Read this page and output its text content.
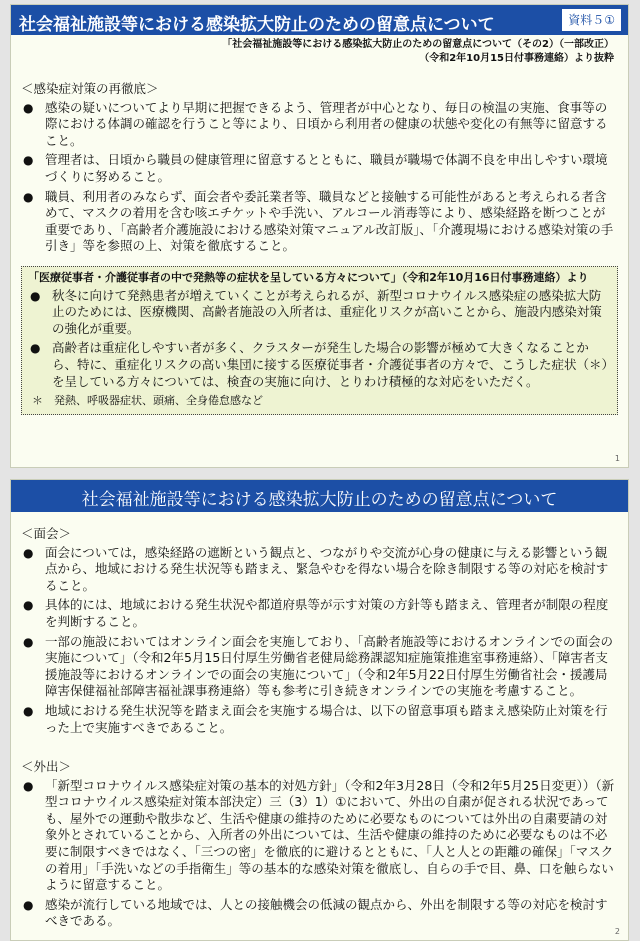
社会福祉施設等における感染拡大防止のための留意点について	資料５①
「社会福祉施設等における感染拡大防止のための留意点について（その2）（一部改正）
（令和2年10月15日付事務連絡）より抜粋
＜感染症対策の再徹底＞
● 感染の疑いについてより早期に把握できるよう、管理者が中心となり、毎日の検温の実施、食事等の際における体調の確認を行うこと等により、日頃から利用者の健康の状態や変化の有無等に留意すること。
● 管理者は、日頃から職員の健康管理に留意するとともに、職員が職場で体調不良を申出しやすい環境づくりに努めること。
● 職員、利用者のみならず、面会者や委託業者等、職員などと接触する可能性があると考えられる者含めて、マスクの着用を含む咳エチケットや手洗い、アルコール消毒等により、感染経路を断つことが重要であり、「高齢者介護施設における感染対策マニュアル改訂版」、「介護現場における感染対策の手引き」等を参照の上、対策を徹底すること。
「医療従事者・介護従事者の中で発熱等の症状を呈している方々について」（令和2年10月16日付事務連絡）より
● 秋冬に向けて発熱患者が増えていくことが考えられるが、新型コロナウイルス感染症の感染拡大防止のためには、医療機関、高齢者施設の入所者は、重症化リスクが高いことから、施設内感染対策の強化が重要。
● 高齢者は重症化しやすい者が多く、クラスターが発生した場合の影響が極めて大きくなることから、特に、重症化リスクの高い集団に接する医療従事者・介護従事者の方々で、こうした症状（＊）を呈している方々については、検査の実施に向け、とりわけ積極的な対応をいただく。
＊　発熱、呼吸器症状、頭痛、全身倦怠感など
1
社会福祉施設等における感染拡大防止のための留意点について
＜面会＞
● 面会については，感染経路の遮断という観点と、つながりや交流が心身の健康に与える影響という観点から、地域における発生状況等も踏まえ、緊急やむを得ない場合を除き制限する等の対応を検討すること。
● 具体的には、地域における発生状況や都道府県等が示す対策の方針等も踏まえ、管理者が制限の程度を判断すること。
● 一部の施設においてはオンライン面会を実施しており、「高齢者施設等におけるオンラインでの面会の実施について」（令和2年5月15日付厚生労働省老健局総務課認知症施策推進室事務連絡）、「障害者支援施設等におけるオンラインでの面会の実施について」（令和2年5月22日付厚生労働省社会・援護局障害保健福祉部障害福祉課事務連絡）等も参考に引き続きオンラインでの実施を考慮すること。
● 地域における発生状況等を踏まえ面会を実施する場合は、以下の留意事項も踏まえ感染防止対策を行った上で実施すべきであること。
＜外出＞
● 「新型コロナウイルス感染症対策の基本的対処方針」（令和2年3月28日（令和2年5月25日変更））（新型コロナウイルス感染症対策本部決定）三（3）1）①において、外出の自粛が促される状況であっても、屋外での運動や散歩など、生活や健康の維持のために必要なものについては外出の自粛要請の対象外とされていることから、入所者の外出については、生活や健康の維持のために必要なものは不必要に制限すべきではなく、「三つの密」を徹底的に避けるとともに、「人と人との距離の確保」「マスクの着用」「手洗いなどの手指衛生」等の基本的な感染対策を徹底し、自らの手で目、鼻、口を触らないように留意すること。
● 感染が流行している地域では、人との接触機会の低減の観点から、外出を制限する等の対応を検討すべきである。
2
